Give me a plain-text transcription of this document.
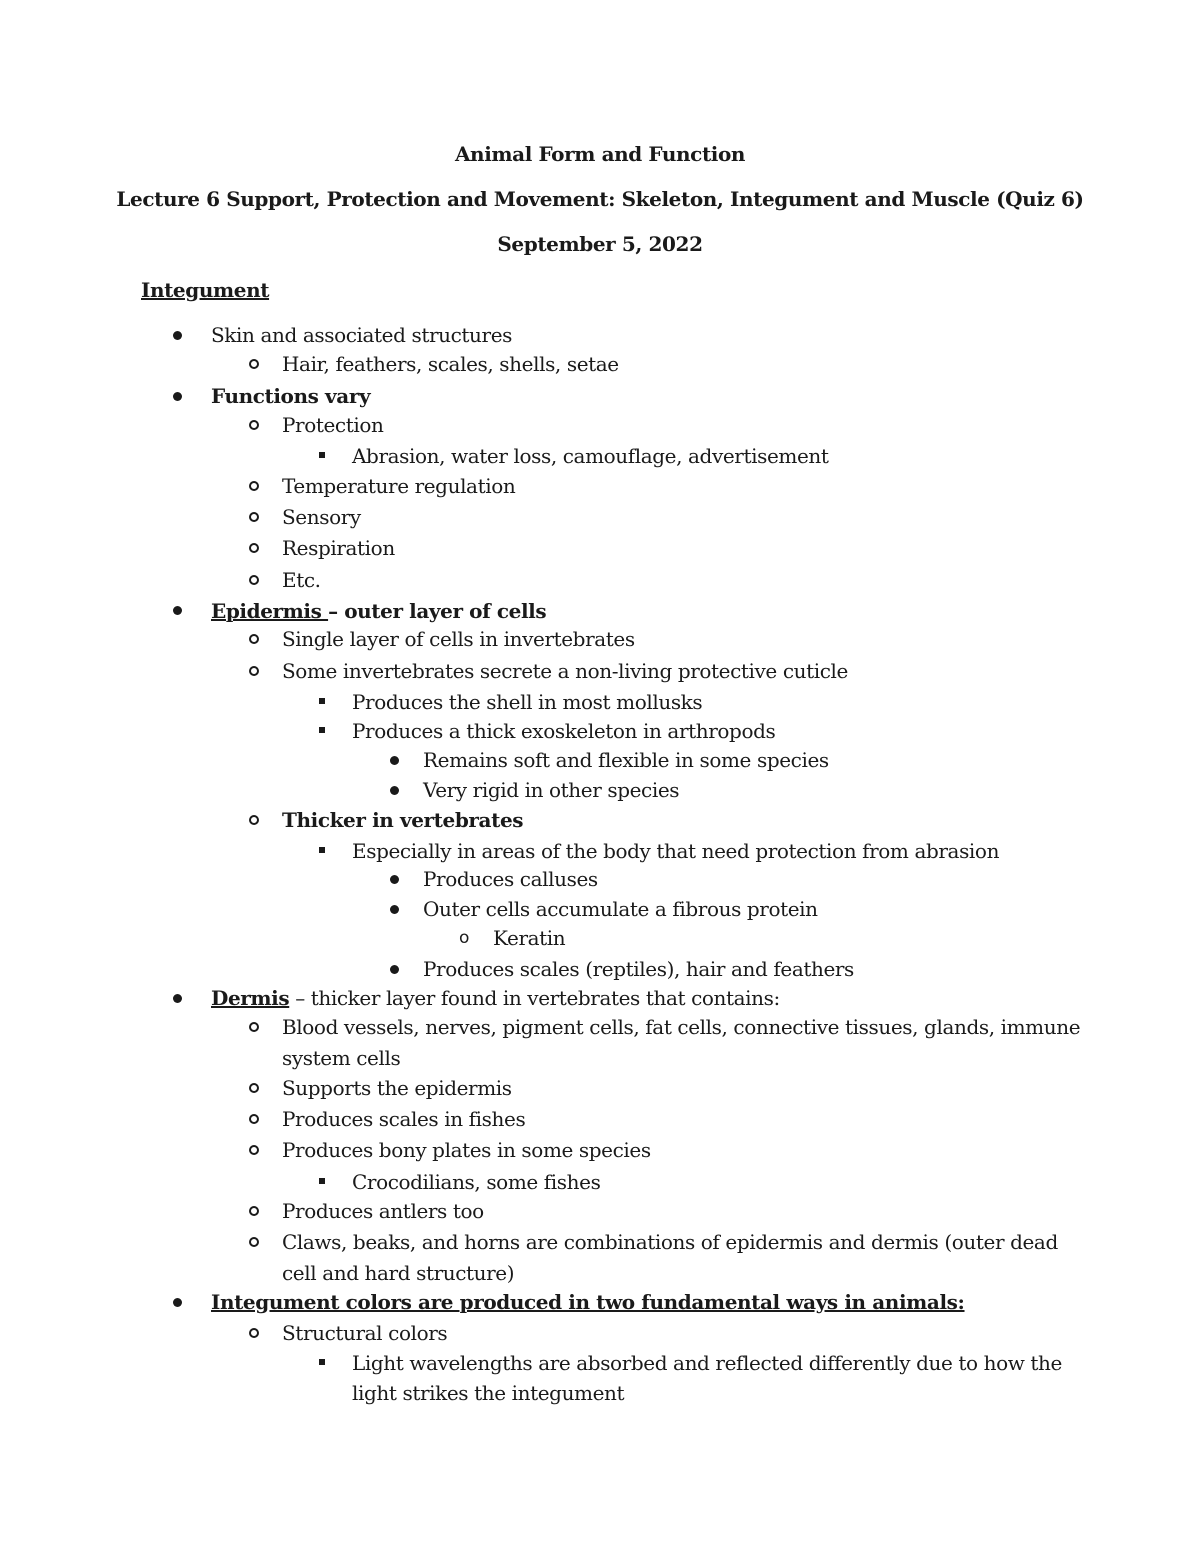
Animal Form and Function
Lecture 6 Support, Protection and Movement: Skeleton, Integument and Muscle (Quiz 6)
September 5, 2022
Integument
Skin and associated structures
Hair, feathers, scales, shells, setae
Functions vary
Protection
Abrasion, water loss, camouflage, advertisement
Temperature regulation
Sensory
Respiration
Etc.
Epidermis – outer layer of cells
Single layer of cells in invertebrates
Some invertebrates secrete a non-living protective cuticle
Produces the shell in most mollusks
Produces a thick exoskeleton in arthropods
Remains soft and flexible in some species
Very rigid in other species
Thicker in vertebrates
Especially in areas of the body that need protection from abrasion
Produces calluses
Outer cells accumulate a fibrous protein
o Keratin
Produces scales (reptiles), hair and feathers
Dermis – thicker layer found in vertebrates that contains:
Blood vessels, nerves, pigment cells, fat cells, connective tissues, glands, immune
system cells
Supports the epidermis
Produces scales in fishes
Produces bony plates in some species
Crocodilians, some fishes
Produces antlers too
Claws, beaks, and horns are combinations of epidermis and dermis (outer dead
cell and hard structure)
Integument colors are produced in two fundamental ways in animals:
Structural colors
Light wavelengths are absorbed and reflected differently due to how the
light strikes the integument
